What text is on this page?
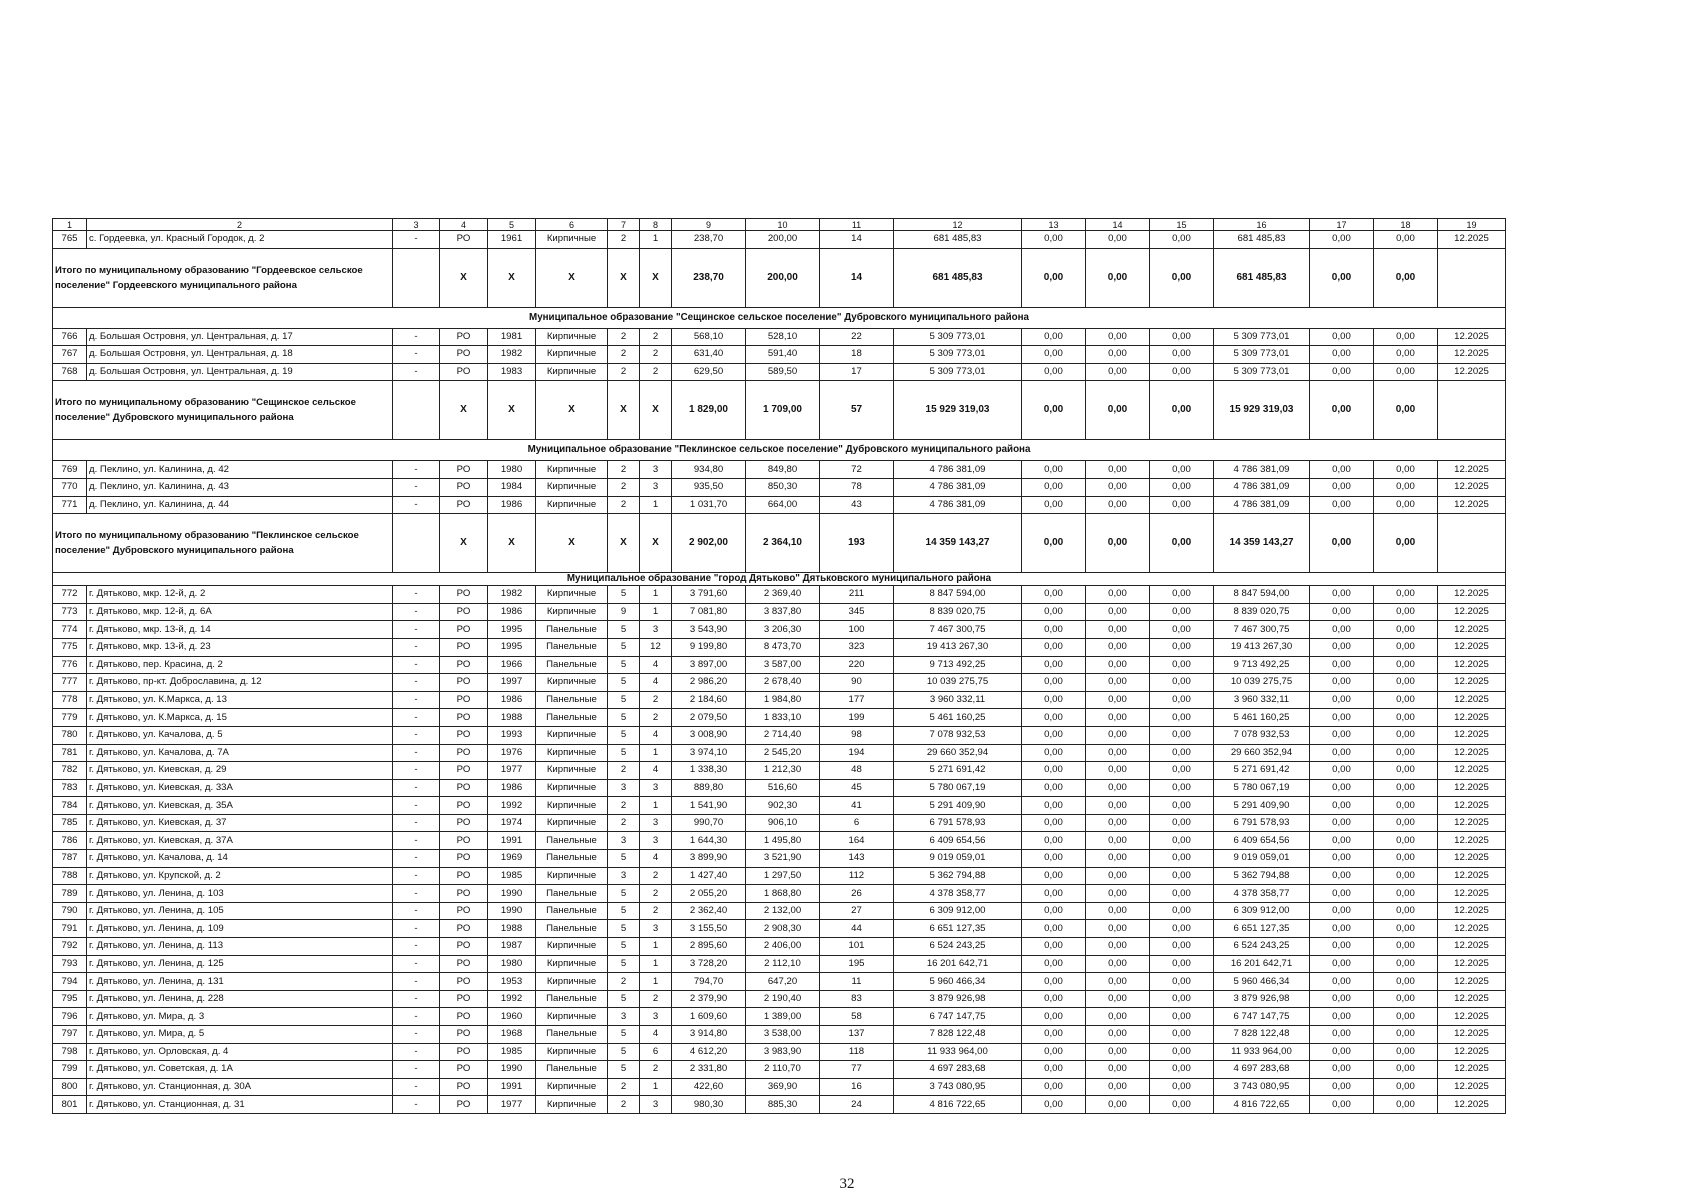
1	2	3	4	5	6	7	8	9	10	11	12	13	14	15	16	17	18	19
765	с. Гордеевка, ул. Красный Городок, д. 2	-	РО	1961	Кирпичные	2	1	238,70	200,00	14	681 485,83	0,00	0,00	0,00	681 485,83	0,00	0,00	12.2025
Итого по муниципальному образованию "Гордеевское сельское поселение" Гордеевского муниципального района			Х	Х	Х	Х	Х	238,70	200,00	14	681 485,83	0,00	0,00	0,00	681 485,83	0,00	0,00	
Муниципальное образование "Сещинское сельское поселение" Дубровского муниципального района																		
766	д. Большая Островня, ул. Центральная, д. 17	-	РО	1981	Кирпичные	2	2	568,10	528,10	22	5 309 773,01	0,00	0,00	0,00	5 309 773,01	0,00	0,00	12.2025
767	д. Большая Островня, ул. Центральная, д. 18	-	РО	1982	Кирпичные	2	2	631,40	591,40	18	5 309 773,01	0,00	0,00	0,00	5 309 773,01	0,00	0,00	12.2025
768	д. Большая Островня, ул. Центральная, д. 19	-	РО	1983	Кирпичные	2	2	629,50	589,50	17	5 309 773,01	0,00	0,00	0,00	5 309 773,01	0,00	0,00	12.2025
Итого по муниципальному образованию "Сещинское сельское поселение" Дубровского муниципального района			Х	Х	Х	Х	Х	1 829,00	1 709,00	57	15 929 319,03	0,00	0,00	0,00	15 929 319,03	0,00	0,00	
Муниципальное образование "Пеклинское сельское поселение" Дубровского муниципального района																		
769	д. Пеклино, ул. Калинина, д. 42	-	РО	1980	Кирпичные	2	3	934,80	849,80	72	4 786 381,09	0,00	0,00	0,00	4 786 381,09	0,00	0,00	12.2025
770	д. Пеклино, ул. Калинина, д. 43	-	РО	1984	Кирпичные	2	3	935,50	850,30	78	4 786 381,09	0,00	0,00	0,00	4 786 381,09	0,00	0,00	12.2025
771	д. Пеклино, ул. Калинина, д. 44	-	РО	1986	Кирпичные	2	1	1 031,70	664,00	43	4 786 381,09	0,00	0,00	0,00	4 786 381,09	0,00	0,00	12.2025
Итого по муниципальному образованию "Пеклинское сельское поселение" Дубровского муниципального района			Х	Х	Х	Х	Х	2 902,00	2 364,10	193	14 359 143,27	0,00	0,00	0,00	14 359 143,27	0,00	0,00	
Муниципальное образование "город Дятьково" Дятьковского муниципального района																		
772	г. Дятьково, мкр. 12-й, д. 2	-	РО	1982	Кирпичные	5	1	3 791,60	2 369,40	211	8 847 594,00	0,00	0,00	0,00	8 847 594,00	0,00	0,00	12.2025
773	г. Дятьково, мкр. 12-й, д. 6А	-	РО	1986	Кирпичные	9	1	7 081,80	3 837,80	345	8 839 020,75	0,00	0,00	0,00	8 839 020,75	0,00	0,00	12.2025
774	г. Дятьково, мкр. 13-й, д. 14	-	РО	1995	Панельные	5	3	3 543,90	3 206,30	100	7 467 300,75	0,00	0,00	0,00	7 467 300,75	0,00	0,00	12.2025
775	г. Дятьково, мкр. 13-й, д. 23	-	РО	1995	Панельные	5	12	9 199,80	8 473,70	323	19 413 267,30	0,00	0,00	0,00	19 413 267,30	0,00	0,00	12.2025
776	г. Дятьково, пер. Красина, д. 2	-	РО	1966	Панельные	5	4	3 897,00	3 587,00	220	9 713 492,25	0,00	0,00	0,00	9 713 492,25	0,00	0,00	12.2025
777	г. Дятьково, пр-кт. Доброславина, д. 12	-	РО	1997	Кирпичные	5	4	2 986,20	2 678,40	90	10 039 275,75	0,00	0,00	0,00	10 039 275,75	0,00	0,00	12.2025
778	г. Дятьково, ул. К.Маркса, д. 13	-	РО	1986	Панельные	5	2	2 184,60	1 984,80	177	3 960 332,11	0,00	0,00	0,00	3 960 332,11	0,00	0,00	12.2025
779	г. Дятьково, ул. К.Маркса, д. 15	-	РО	1988	Панельные	5	2	2 079,50	1 833,10	199	5 461 160,25	0,00	0,00	0,00	5 461 160,25	0,00	0,00	12.2025
780	г. Дятьково, ул. Качалова, д. 5	-	РО	1993	Кирпичные	5	4	3 008,90	2 714,40	98	7 078 932,53	0,00	0,00	0,00	7 078 932,53	0,00	0,00	12.2025
781	г. Дятьково, ул. Качалова, д. 7А	-	РО	1976	Кирпичные	5	1	3 974,10	2 545,20	194	29 660 352,94	0,00	0,00	0,00	29 660 352,94	0,00	0,00	12.2025
782	г. Дятьково, ул. Киевская, д. 29	-	РО	1977	Кирпичные	2	4	1 338,30	1 212,30	48	5 271 691,42	0,00	0,00	0,00	5 271 691,42	0,00	0,00	12.2025
783	г. Дятьково, ул. Киевская, д. 33А	-	РО	1986	Кирпичные	3	3	889,80	516,60	45	5 780 067,19	0,00	0,00	0,00	5 780 067,19	0,00	0,00	12.2025
784	г. Дятьково, ул. Киевская, д. 35А	-	РО	1992	Кирпичные	2	1	1 541,90	902,30	41	5 291 409,90	0,00	0,00	0,00	5 291 409,90	0,00	0,00	12.2025
785	г. Дятьково, ул. Киевская, д. 37	-	РО	1974	Кирпичные	2	3	990,70	906,10	6	6 791 578,93	0,00	0,00	0,00	6 791 578,93	0,00	0,00	12.2025
786	г. Дятьково, ул. Киевская, д. 37А	-	РО	1991	Панельные	3	3	1 644,30	1 495,80	164	6 409 654,56	0,00	0,00	0,00	6 409 654,56	0,00	0,00	12.2025
787	г. Дятьково, ул. Качалова, д. 14	-	РО	1969	Панельные	5	4	3 899,90	3 521,90	143	9 019 059,01	0,00	0,00	0,00	9 019 059,01	0,00	0,00	12.2025
788	г. Дятьково, ул. Крупской, д. 2	-	РО	1985	Кирпичные	3	2	1 427,40	1 297,50	112	5 362 794,88	0,00	0,00	0,00	5 362 794,88	0,00	0,00	12.2025
789	г. Дятьково, ул. Ленина, д. 103	-	РО	1990	Панельные	5	2	2 055,20	1 868,80	26	4 378 358,77	0,00	0,00	0,00	4 378 358,77	0,00	0,00	12.2025
790	г. Дятьково, ул. Ленина, д. 105	-	РО	1990	Панельные	5	2	2 362,40	2 132,00	27	6 309 912,00	0,00	0,00	0,00	6 309 912,00	0,00	0,00	12.2025
791	г. Дятьково, ул. Ленина, д. 109	-	РО	1988	Панельные	5	3	3 155,50	2 908,30	44	6 651 127,35	0,00	0,00	0,00	6 651 127,35	0,00	0,00	12.2025
792	г. Дятьково, ул. Ленина, д. 113	-	РО	1987	Кирпичные	5	1	2 895,60	2 406,00	101	6 524 243,25	0,00	0,00	0,00	6 524 243,25	0,00	0,00	12.2025
793	г. Дятьково, ул. Ленина, д. 125	-	РО	1980	Кирпичные	5	1	3 728,20	2 112,10	195	16 201 642,71	0,00	0,00	0,00	16 201 642,71	0,00	0,00	12.2025
794	г. Дятьково, ул. Ленина, д. 131	-	РО	1953	Кирпичные	2	1	794,70	647,20	11	5 960 466,34	0,00	0,00	0,00	5 960 466,34	0,00	0,00	12.2025
795	г. Дятьково, ул. Ленина, д. 228	-	РО	1992	Панельные	5	2	2 379,90	2 190,40	83	3 879 926,98	0,00	0,00	0,00	3 879 926,98	0,00	0,00	12.2025
796	г. Дятьково, ул. Мира, д. 3	-	РО	1960	Кирпичные	3	3	1 609,60	1 389,00	58	6 747 147,75	0,00	0,00	0,00	6 747 147,75	0,00	0,00	12.2025
797	г. Дятьково, ул. Мира, д. 5	-	РО	1968	Панельные	5	4	3 914,80	3 538,00	137	7 828 122,48	0,00	0,00	0,00	7 828 122,48	0,00	0,00	12.2025
798	г. Дятьково, ул. Орловская, д. 4	-	РО	1985	Кирпичные	5	6	4 612,20	3 983,90	118	11 933 964,00	0,00	0,00	0,00	11 933 964,00	0,00	0,00	12.2025
799	г. Дятьково, ул. Советская, д. 1А	-	РО	1990	Панельные	5	2	2 331,80	2 110,70	77	4 697 283,68	0,00	0,00	0,00	4 697 283,68	0,00	0,00	12.2025
800	г. Дятьково, ул. Станционная, д. 30А	-	РО	1991	Кирпичные	2	1	422,60	369,90	16	3 743 080,95	0,00	0,00	0,00	3 743 080,95	0,00	0,00	12.2025
801	г. Дятьково, ул. Станционная, д. 31	-	РО	1977	Кирпичные	2	3	980,30	885,30	24	4 816 722,65	0,00	0,00	0,00	4 816 722,65	0,00	0,00	12.2025
32
